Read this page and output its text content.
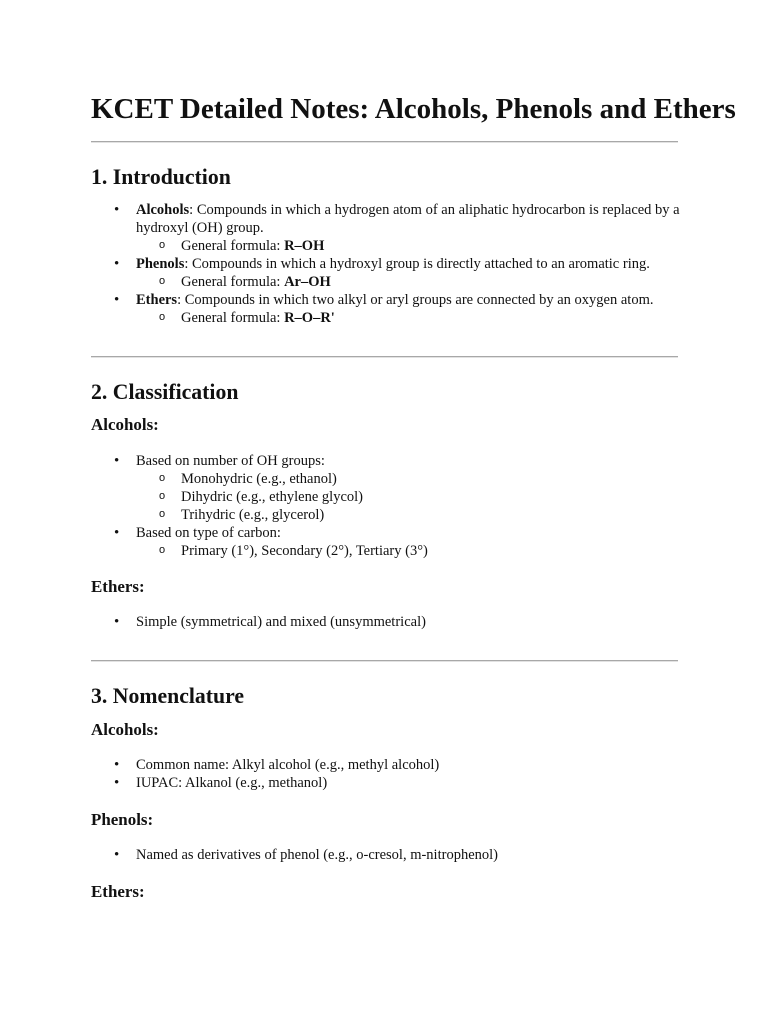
KCET Detailed Notes: Alcohols, Phenols and Ethers
1. Introduction
• Alcohols: Compounds in which a hydrogen atom of an aliphatic hydrocarbon is replaced by a hydroxyl (OH) group.
o General formula: R–OH
• Phenols: Compounds in which a hydroxyl group is directly attached to an aromatic ring.
o General formula: Ar–OH
• Ethers: Compounds in which two alkyl or aryl groups are connected by an oxygen atom.
o General formula: R–O–R'
2. Classification
Alcohols:
• Based on number of OH groups:
o Monohydric (e.g., ethanol)
o Dihydric (e.g., ethylene glycol)
o Trihydric (e.g., glycerol)
• Based on type of carbon:
o Primary (1°), Secondary (2°), Tertiary (3°)
Ethers:
• Simple (symmetrical) and mixed (unsymmetrical)
3. Nomenclature
Alcohols:
• Common name: Alkyl alcohol (e.g., methyl alcohol)
• IUPAC: Alkanol (e.g., methanol)
Phenols:
• Named as derivatives of phenol (e.g., o-cresol, m-nitrophenol)
Ethers:
